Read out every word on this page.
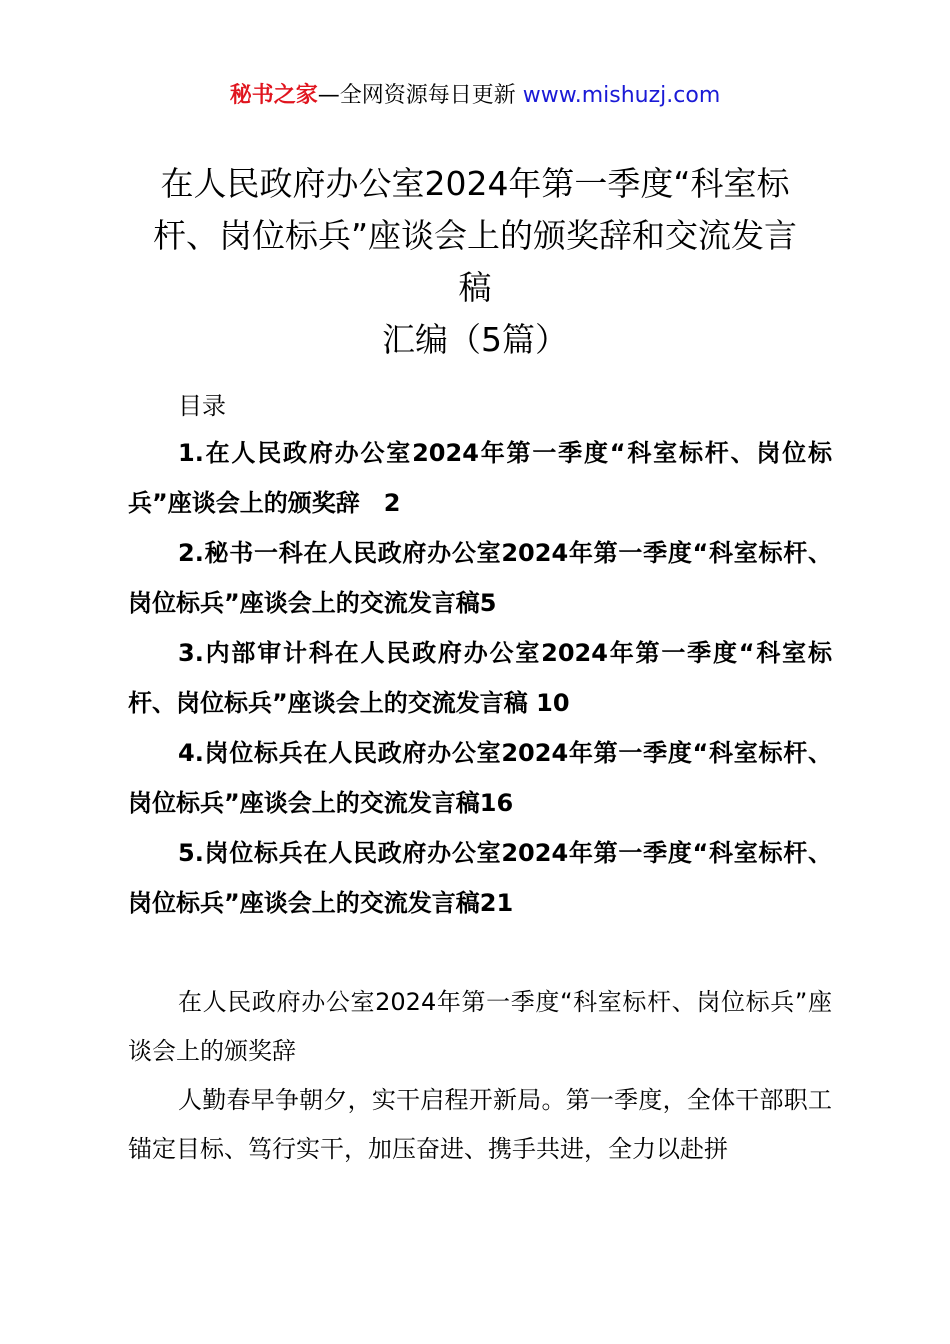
秘书之家—全网资源每日更新 www.mishuzj.com
在人民政府办公室2024年第一季度“科室标
杆、岗位标兵”座谈会上的颁奖辞和交流发言
稿
汇编（5篇）
目录

1.在人民政府办公室2024年第一季度“科室标杆、岗位标兵”座谈会上的颁奖辞　2

2.秘书一科在人民政府办公室2024年第一季度“科室标杆、岗位标兵”座谈会上的交流发言稿5

3.内部审计科在人民政府办公室2024年第一季度“科室标杆、岗位标兵”座谈会上的交流发言稿 10

4.岗位标兵在人民政府办公室2024年第一季度“科室标杆、岗位标兵”座谈会上的交流发言稿16

5.岗位标兵在人民政府办公室2024年第一季度“科室标杆、岗位标兵”座谈会上的交流发言稿21

在人民政府办公室2024年第一季度“科室标杆、岗位标兵”座谈会上的颁奖辞

人勤春早争朝夕，实干启程开新局。第一季度，全体干部职工锚定目标、笃行实干，加压奋进、携手共进，全力以赴拼
